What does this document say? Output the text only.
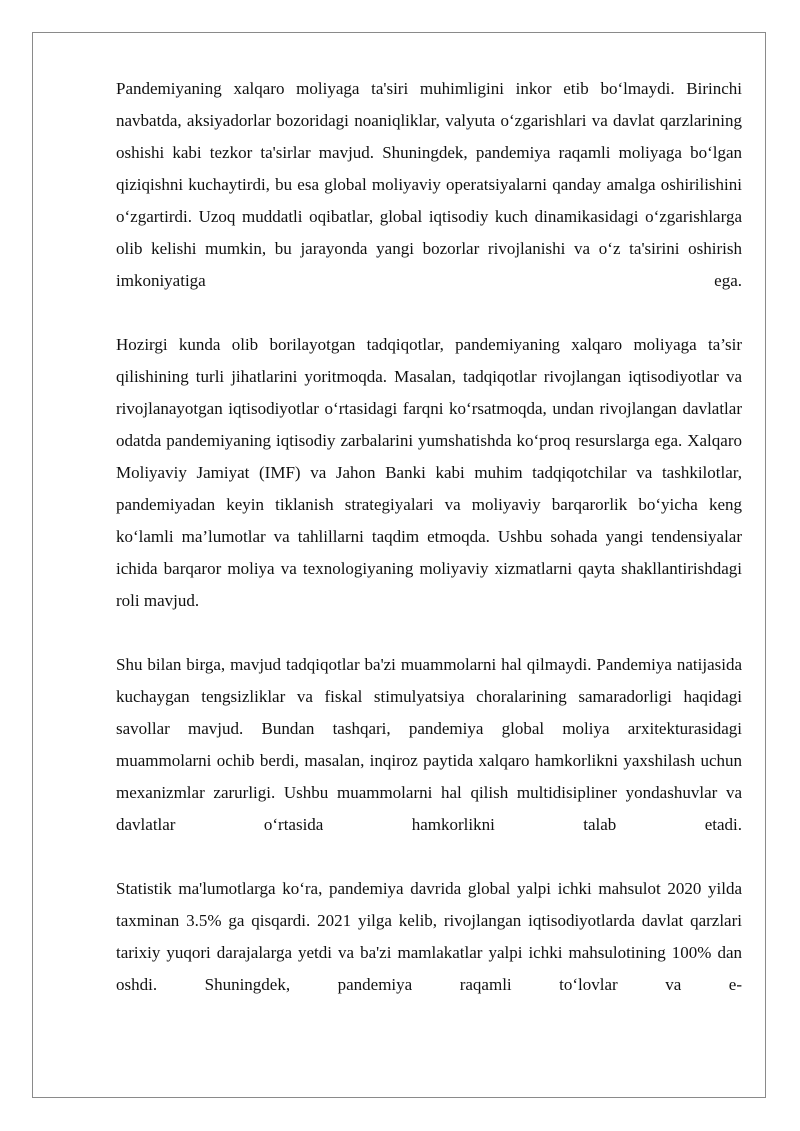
Pandemiyaning xalqaro moliyaga ta'siri muhimligini inkor etib bo‘lmaydi. Birinchi navbatda, aksiyadorlar bozoridagi noaniqliklar, valyuta o‘zgarishlari va davlat qarzlarining oshishi kabi tezkor ta'sirlar mavjud. Shuningdek, pandemiya raqamli moliyaga bo‘lgan qiziqishni kuchaytirdi, bu esa global moliyaviy operatsiyalarni qanday amalga oshirilishini o‘zgartirdi. Uzoq muddatli oqibatlar, global iqtisodiy kuch dinamikasidagi o‘zgarishlarga olib kelishi mumkin, bu jarayonda yangi bozorlar rivojlanishi va o‘z ta'sirini oshirish imkoniyatiga ega.

Hozirgi kunda olib borilayotgan tadqiqotlar, pandemiyaning xalqaro moliyaga ta’sir qilishining turli jihatlarini yoritmoqda. Masalan, tadqiqotlar rivojlangan iqtisodiyotlar va rivojlanayotgan iqtisodiyotlar o‘rtasidagi farqni ko‘rsatmoqda, undan rivojlangan davlatlar odatda pandemiyaning iqtisodiy zarbalarini yumshatishda ko‘proq resurslarga ega. Xalqaro Moliyaviy Jamiyat (IMF) va Jahon Banki kabi muhim tadqiqotchilar va tashkilotlar, pandemiyadan keyin tiklanish strategiyalari va moliyaviy barqarorlik bo‘yicha keng ko‘lamli ma’lumotlar va tahlillarni taqdim etmoqda. Ushbu sohada yangi tendensiyalar ichida barqaror moliya va texnologiyaning moliyaviy xizmatlarni qayta shakllantirishdagi roli mavjud.

Shu bilan birga, mavjud tadqiqotlar ba'zi muammolarni hal qilmaydi. Pandemiya natijasida kuchaygan tengsizliklar va fiskal stimulyatsiya choralarining samaradorligi haqidagi savollar mavjud. Bundan tashqari, pandemiya global moliya arxitekturasidagi muammolarni ochib berdi, masalan, inqiroz paytida xalqaro hamkorlikni yaxshilash uchun mexanizmlar zarurligi. Ushbu muammolarni hal qilish multidisipliner yondashuvlar va davlatlar o‘rtasida hamkorlikni talab etadi.

Statistik ma'lumotlarga ko‘ra, pandemiya davrida global yalpi ichki mahsulot 2020 yilda taxminan 3.5% ga qisqardi. 2021 yilga kelib, rivojlangan iqtisodiyotlarda davlat qarzlari tarixiy yuqori darajalarga yetdi va ba'zi mamlakatlar yalpi ichki mahsulotining 100% dan oshdi. Shuningdek, pandemiya raqamli to‘lovlar va e-
